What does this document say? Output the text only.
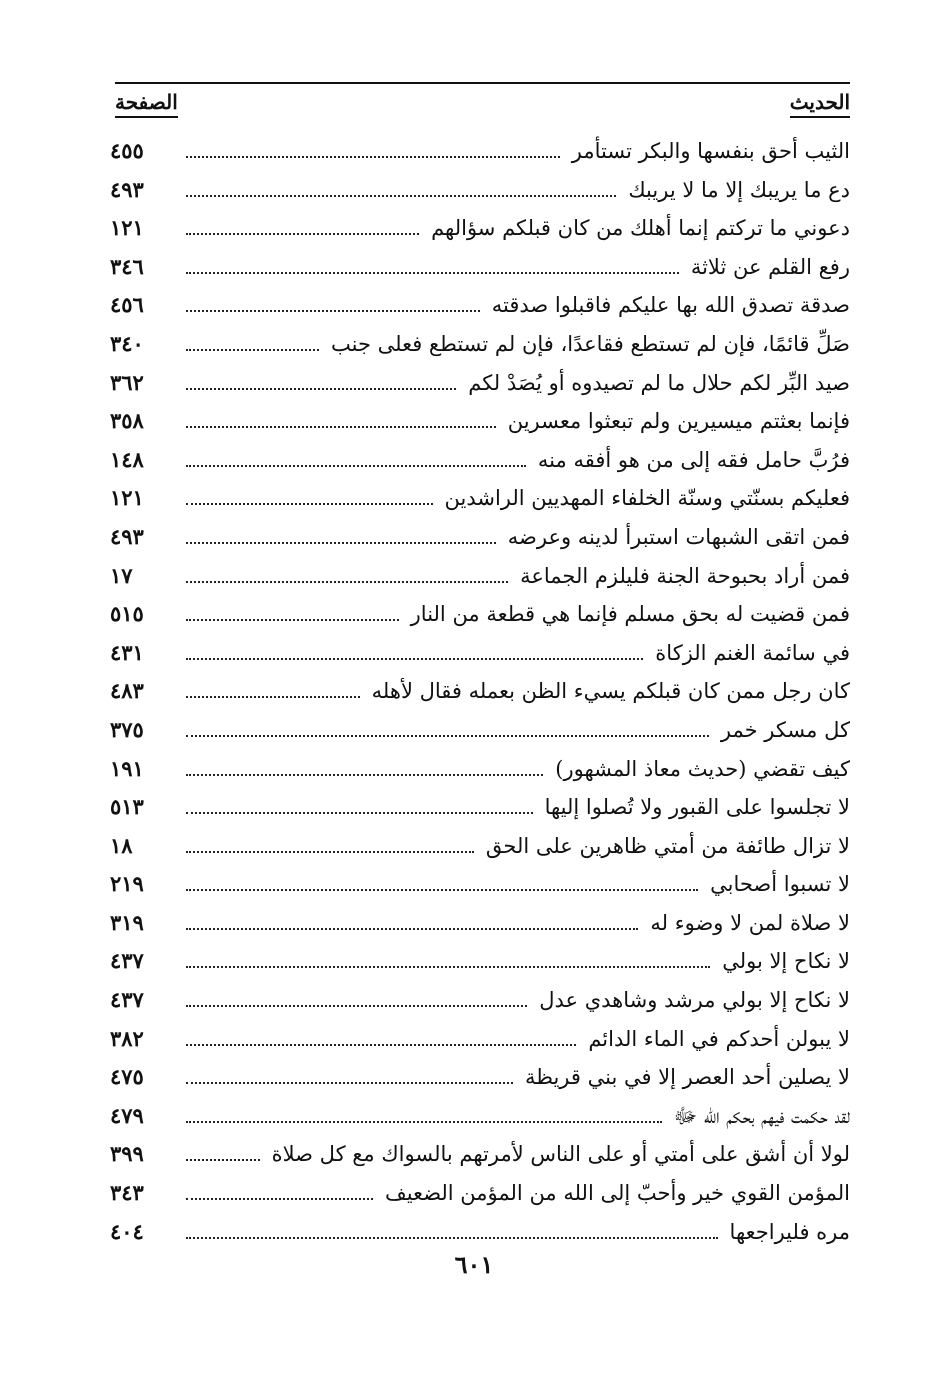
الحديث
الصفحة
الثيب أحق بنفسها والبكر تستأمر
٤٥٥
دع ما يريبك إلا ما لا يريبك
٤٩٣
دعوني ما تركتم إنما أهلك من كان قبلكم سؤالهم
١٢١
رفع القلم عن ثلاثة
٣٤٦
صدقة تصدق الله بها عليكم فاقبلوا صدقته
٤٥٦
صَلِّ قائمًا، فإن لم تستطع فقاعدًا، فإن لم تستطع فعلى جنب
٣٤٠
صيد البِّر لكم حلال ما لم تصيدوه أو يُصَدْ لكم
٣٦٢
فإنما بعثتم ميسيرين ولم تبعثوا معسرين
٣٥٨
فرُبَّ حامل فقه إلى من هو أفقه منه
١٤٨
فعليكم بسنّتي وسنّة الخلفاء المهديين الراشدين
١٢١
فمن اتقى الشبهات استبرأ لدينه وعرضه
٤٩٣
فمن أراد بحبوحة الجنة فليلزم الجماعة
١٧
فمن قضيت له بحق مسلم فإنما هي قطعة من النار
٥١٥
في سائمة الغنم الزكاة
٤٣١
كان رجل ممن كان قبلكم يسيء الظن بعمله فقال لأهله
٤٨٣
كل مسكر خمر
٣٧٥
كيف تقضي (حديث معاذ المشهور)
١٩١
لا تجلسوا على القبور ولا تُصلوا إليها
٥١٣
لا تزال طائفة من أمتي ظاهرين على الحق
١٨
لا تسبوا أصحابي
٢١٩
لا صلاة لمن لا وضوء له
٣١٩
لا نكاح إلا بولي
٤٣٧
لا نكاح إلا بولي مرشد وشاهدي عدل
٤٣٧
لا يبولن أحدكم في الماء الدائم
٣٨٢
لا يصلين أحد العصر إلا في بني قريظة
٤٧٥
لقد حكمت فيهم بحكم الله ﷻ
٤٧٩
لولا أن أشق على أمتي أو على الناس لأمرتهم بالسواك مع كل صلاة
٣٩٩
المؤمن القوي خير وأحبّ إلى الله من المؤمن الضعيف
٣٤٣
مره فليراجعها
٤٠٤
٦٠١
